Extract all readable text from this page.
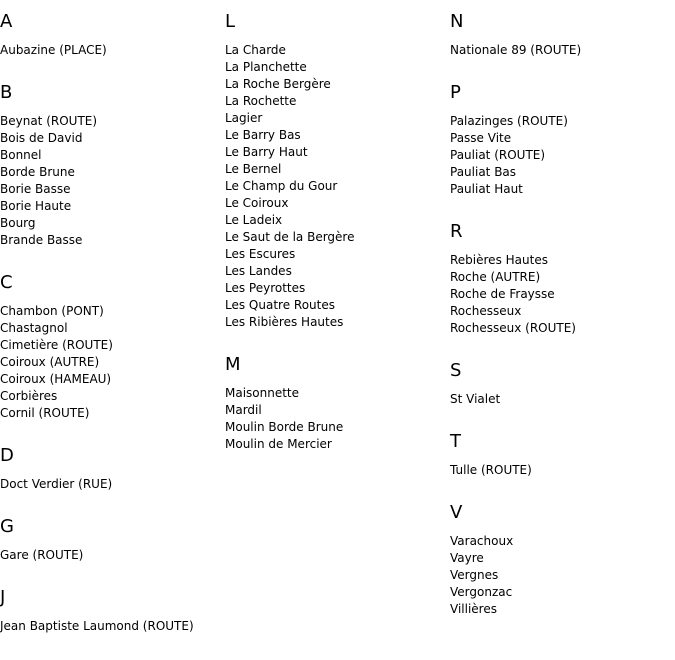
A
Aubazine (PLACE)
B
Beynat (ROUTE)
Bois de David
Bonnel
Borde Brune
Borie Basse
Borie Haute
Bourg
Brande Basse
C
Chambon (PONT)
Chastagnol
Cimetière (ROUTE)
Coiroux (AUTRE)
Coiroux (HAMEAU)
Corbières
Cornil (ROUTE)
D
Doct Verdier (RUE)
G
Gare (ROUTE)
J
Jean Baptiste Laumond (ROUTE)
L
La Charde
La Planchette
La Roche Bergère
La Rochette
Lagier
Le Barry Bas
Le Barry Haut
Le Bernel
Le Champ du Gour
Le Coiroux
Le Ladeix
Le Saut de la Bergère
Les Escures
Les Landes
Les Peyrottes
Les Quatre Routes
Les Ribières Hautes
M
Maisonnette
Mardil
Moulin Borde Brune
Moulin de Mercier
N
Nationale 89 (ROUTE)
P
Palazinges (ROUTE)
Passe Vite
Pauliat (ROUTE)
Pauliat Bas
Pauliat Haut
R
Rebières Hautes
Roche (AUTRE)
Roche de Fraysse
Rochesseux
Rochesseux (ROUTE)
S
St Vialet
T
Tulle (ROUTE)
V
Varachoux
Vayre
Vergnes
Vergonzac
Villières
